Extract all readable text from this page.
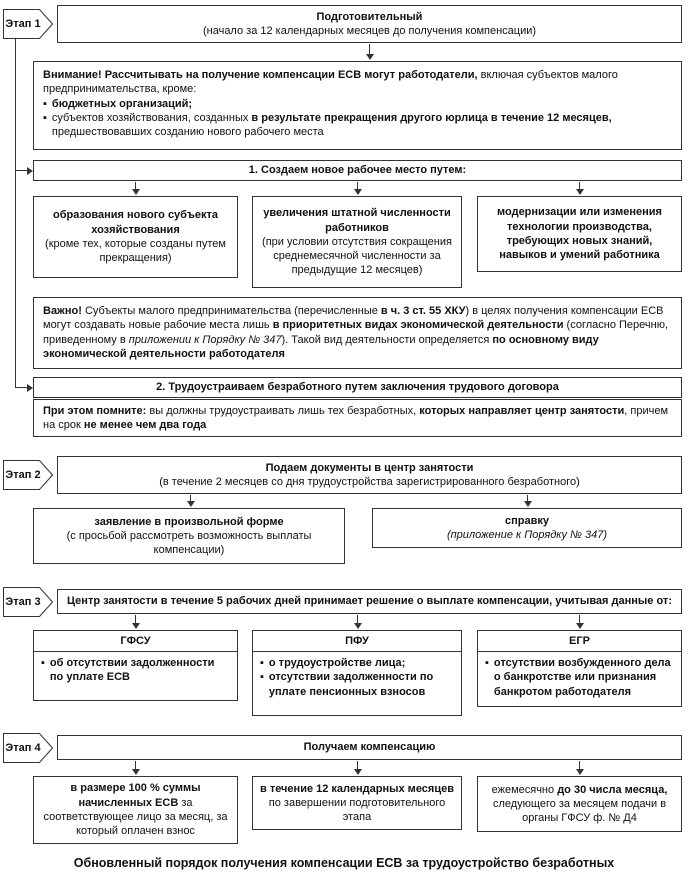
Этап 1
Подготовительный
(начало за 12 календарных месяцев до получения компенсации)
Внимание! Рассчитывать на получение компенсации ЕСВ могут работодатели, включая субъектов малого предпринимательства, кроме:
▪ бюджетных организаций;
▪ субъектов хозяйствования, созданных в результате прекращения другого юрлица в течение 12 месяцев, предшествовавших созданию нового рабочего места
1. Создаем новое рабочее место путем:
образования нового субъекта хозяйствования
(кроме тех, которые созданы путем прекращения)
увеличения штатной численности работников
(при условии отсутствия сокращения среднемесячной численности за предыдущие 12 месяцев)
модернизации или изменения технологии производства, требующих новых знаний, навыков и умений работника
Важно! Субъекты малого предпринимательства (перечисленные в ч. 3 ст. 55 ХКУ) в целях получения компенсации ЕСВ могут создавать новые рабочие места лишь в приоритетных видах экономической деятельности (согласно Перечню, приведенному в приложении к Порядку № 347). Такой вид деятельности определяется по основному виду экономической деятельности работодателя
2. Трудоустраиваем безработного путем заключения трудового договора
При этом помните: вы должны трудоустраивать лишь тех безработных, которых направляет центр занятости, причем на срок не менее чем два года
Этап 2
Подаем документы в центр занятости
(в течение 2 месяцев со дня трудоустройства зарегистрированного безработного)
заявление в произвольной форме
(с просьбой рассмотреть возможность выплаты компенсации)
справку
(приложение к Порядку № 347)
Этап 3 Центр занятости в течение 5 рабочих дней принимает решение о выплате компенсации, учитывая данные от:
ГФСУ
▪ об отсутствии задолженности по уплате ЕСВ
ПФУ
▪ о трудоустройстве лица;
▪ отсутствии задолженности по уплате пенсионных взносов
ЕГР
▪ отсутствии возбужденного дела о банкротстве или признания банкротом работодателя
Этап 4	Получаем компенсацию
в размере 100 % суммы начисленных ЕСВ за соответствующее лицо за месяц, за который оплачен взнос
в течение 12 календарных месяцев по завершении подготовительного этапа
ежемесячно до 30 числа месяца, следующего за месяцем подачи в органы ГФСУ ф. № Д4
Обновленный порядок получения компенсации ЕСВ за трудоустройство безработных
